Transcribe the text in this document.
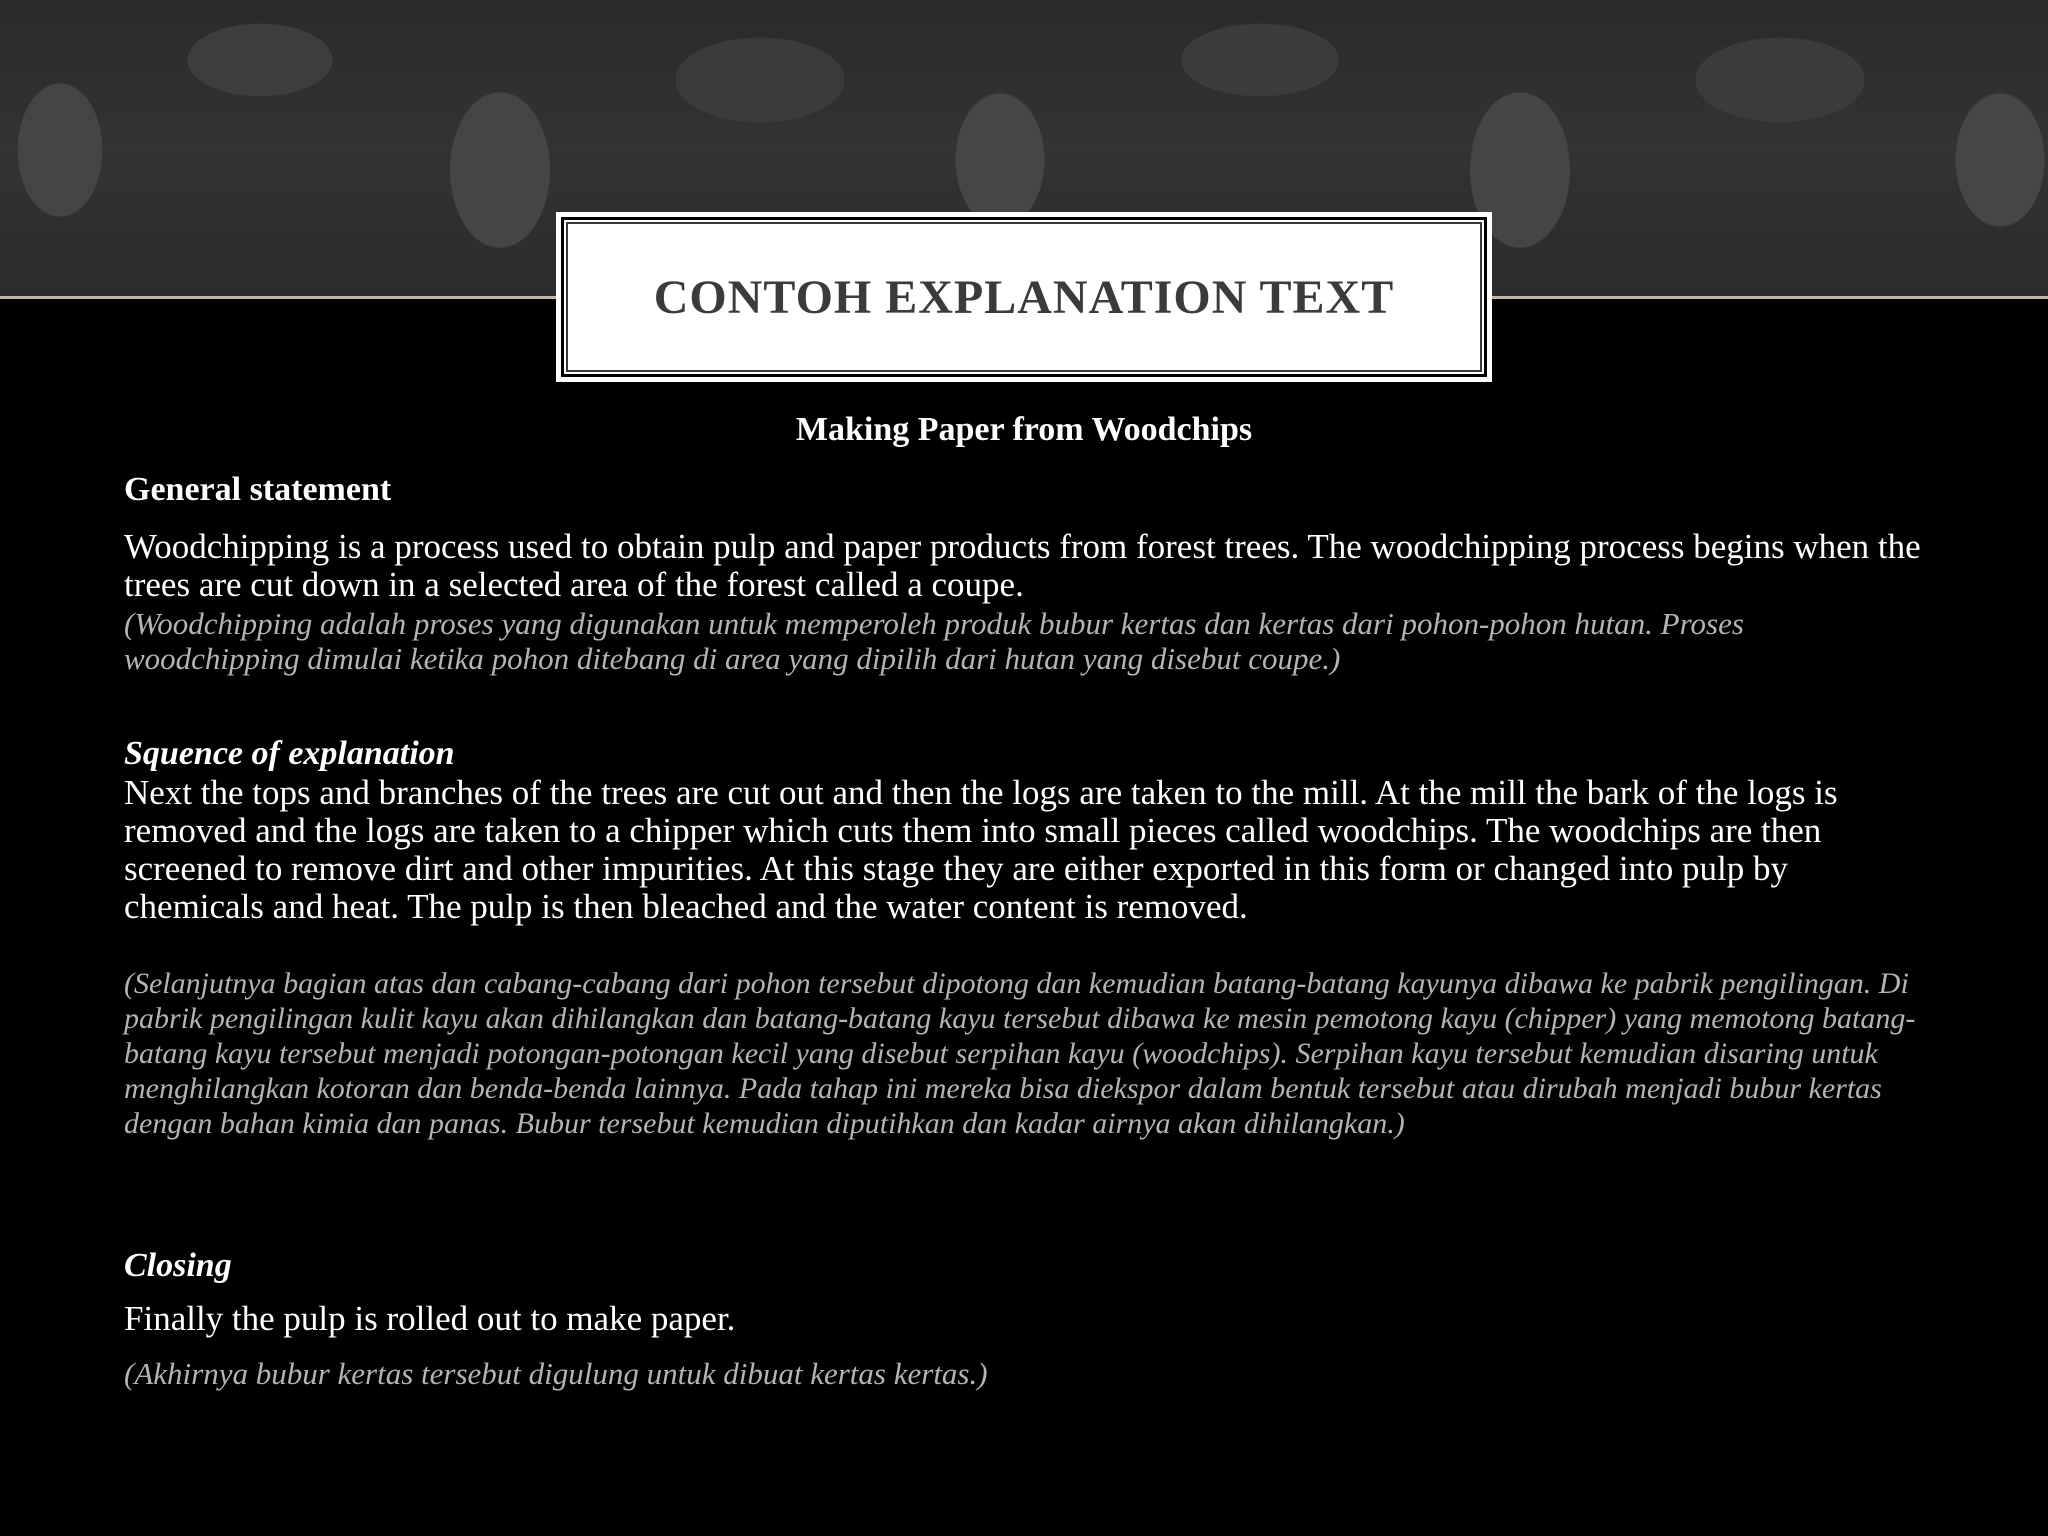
CONTOH EXPLANATION TEXT
Making Paper from Woodchips
General statement
Woodchipping is a process used to obtain pulp and paper products from forest trees. The woodchipping process begins when the trees are cut down in a selected area of the forest called a coupe.
(Woodchipping adalah proses yang digunakan untuk memperoleh produk bubur kertas dan kertas dari pohon-pohon hutan. Proses woodchipping dimulai ketika pohon ditebang di area yang dipilih dari hutan yang disebut coupe.)
Squence of explanation
Next the tops and branches of the trees are cut out and then the logs are taken to the mill. At the mill the bark of the logs is removed and the logs are taken to a chipper which cuts them into small pieces called woodchips. The woodchips are then screened to remove dirt and other impurities. At this stage they are either exported in this form or changed into pulp by chemicals and heat. The pulp is then bleached and the water content is removed.
(Selanjutnya bagian atas dan cabang-cabang dari pohon tersebut dipotong dan kemudian batang-batang kayunya dibawa ke pabrik pengilingan. Di pabrik pengilingan kulit kayu akan dihilangkan dan batang-batang kayu tersebut dibawa ke mesin pemotong kayu (chipper) yang memotong batang-batang kayu tersebut menjadi potongan-potongan kecil yang disebut serpihan kayu (woodchips). Serpihan kayu tersebut kemudian disaring untuk menghilangkan kotoran dan benda-benda lainnya. Pada tahap ini mereka bisa diekspor dalam bentuk tersebut atau dirubah menjadi bubur kertas dengan bahan kimia dan panas. Bubur tersebut kemudian diputihkan dan kadar airnya akan dihilangkan.)
Closing
Finally the pulp is rolled out to make paper.
(Akhirnya bubur kertas tersebut digulung untuk dibuat kertas kertas.)
